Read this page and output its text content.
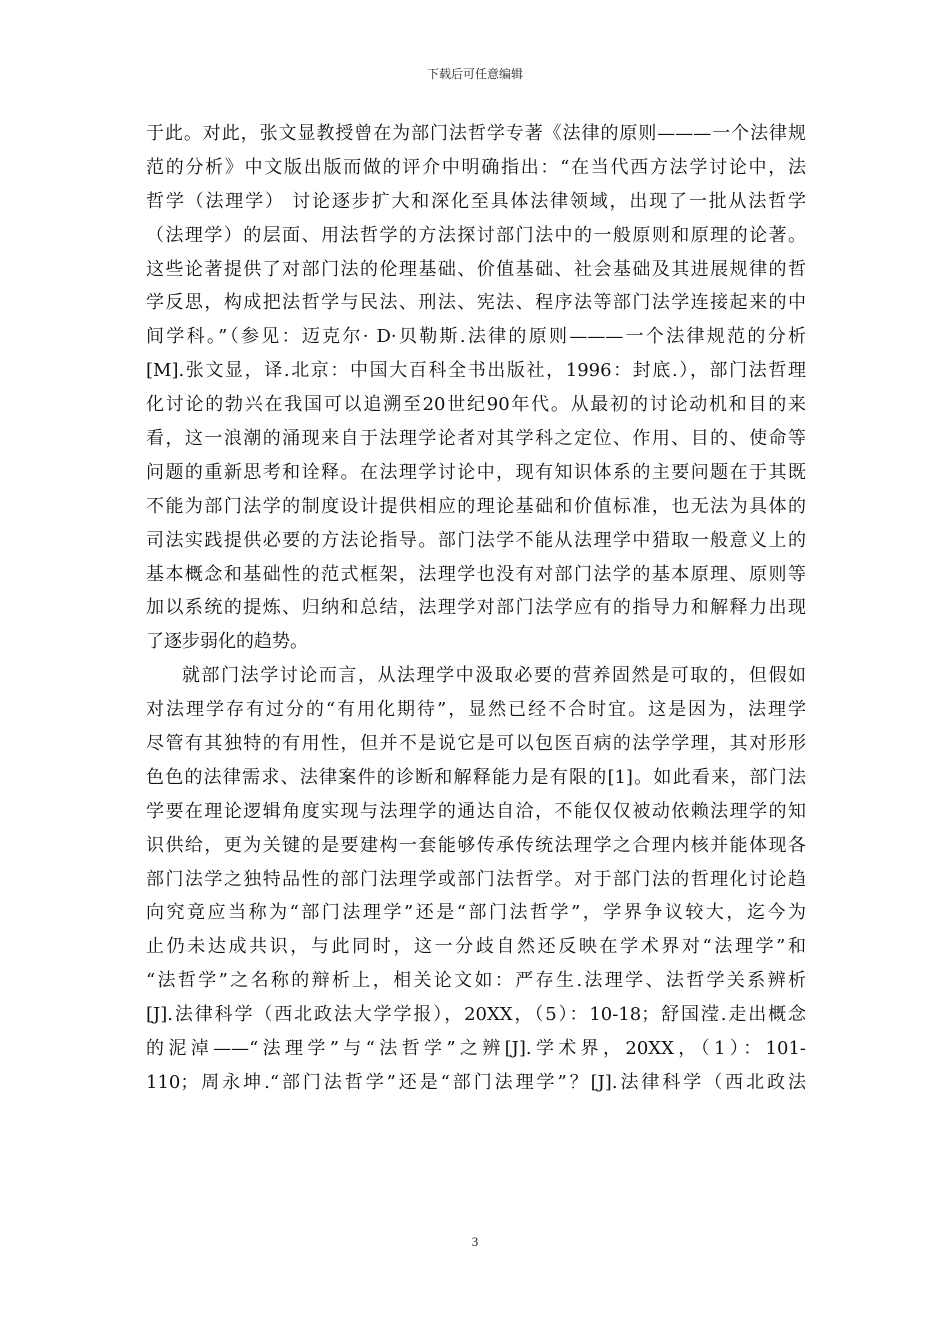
下载后可任意编辑
于此。对此，张文显教授曾在为部门法哲学专著《法律的原则———一个法律规
范的分析》中文版出版而做的评介中明确指出：“在当代西方法学讨论中，法
哲学（法理学） 讨论逐步扩大和深化至具体法律领域，出现了一批从法哲学
（法理学）的层面、用法哲学的方法探讨部门法中的一般原则和原理的论著。
这些论著提供了对部门法的伦理基础、价值基础、社会基础及其进展规律的哲
学反思，构成把法哲学与民法、刑法、宪法、程序法等部门法学连接起来的中
间学科。”（参见：迈克尔· D·贝勒斯.法律的原则———一个法律规范的分析
[M].张文显，译.北京：中国大百科全书出版社，1996：封底.），部门法哲理
化讨论的勃兴在我国可以追溯至20世纪90年代。从最初的讨论动机和目的来
看，这一浪潮的涌现来自于法理学论者对其学科之定位、作用、目的、使命等
问题的重新思考和诠释。在法理学讨论中，现有知识体系的主要问题在于其既
不能为部门法学的制度设计提供相应的理论基础和价值标准，也无法为具体的
司法实践提供必要的方法论指导。部门法学不能从法理学中猎取一般意义上的
基本概念和基础性的范式框架，法理学也没有对部门法学的基本原理、原则等
加以系统的提炼、归纳和总结，法理学对部门法学应有的指导力和解释力出现
了逐步弱化的趋势。
就部门法学讨论而言，从法理学中汲取必要的营养固然是可取的，但假如
对法理学存有过分的“有用化期待”，显然已经不合时宜。这是因为，法理学
尽管有其独特的有用性，但并不是说它是可以包医百病的法学学理，其对形形
色色的法律需求、法律案件的诊断和解释能力是有限的[1]。如此看来，部门法
学要在理论逻辑角度实现与法理学的通达自洽，不能仅仅被动依赖法理学的知
识供给，更为关键的是要建构一套能够传承传统法理学之合理内核并能体现各
部门法学之独特品性的部门法理学或部门法哲学。对于部门法的哲理化讨论趋
向究竟应当称为“部门法理学”还是“部门法哲学”，学界争议较大，迄今为
止仍未达成共识，与此同时，这一分歧自然还反映在学术界对“法理学”和
“法哲学”之名称的辩析上，相关论文如：严存生.法理学、法哲学关系辨析
[J].法律科学（西北政法大学学报），20XX，（5）：10-18；舒国滢.走出概念
的泥淖——“法理学”与“法哲学”之辨[J].学术界，20XX，（1）：101-
110；周永坤.“部门法哲学”还是“部门法理学”？[J].法律科学（西北政法
3
